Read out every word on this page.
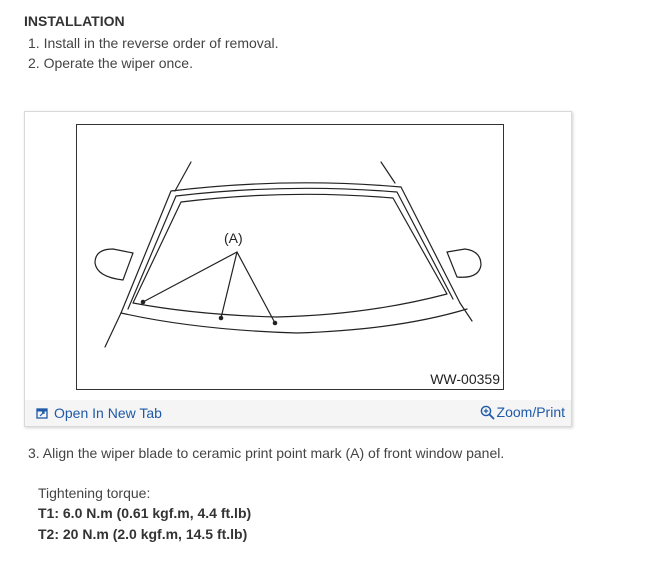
INSTALLATION
1. Install in the reverse order of removal.
2. Operate the wiper once.
(A)
WW-00359
Open In New Tab	Zoom/Print
3. Align the wiper blade to ceramic print point mark (A) of front window panel.
Tightening torque:
T1: 6.0 N.m (0.61 kgf.m, 4.4 ft.lb)
T2: 20 N.m (2.0 kgf.m, 14.5 ft.lb)
